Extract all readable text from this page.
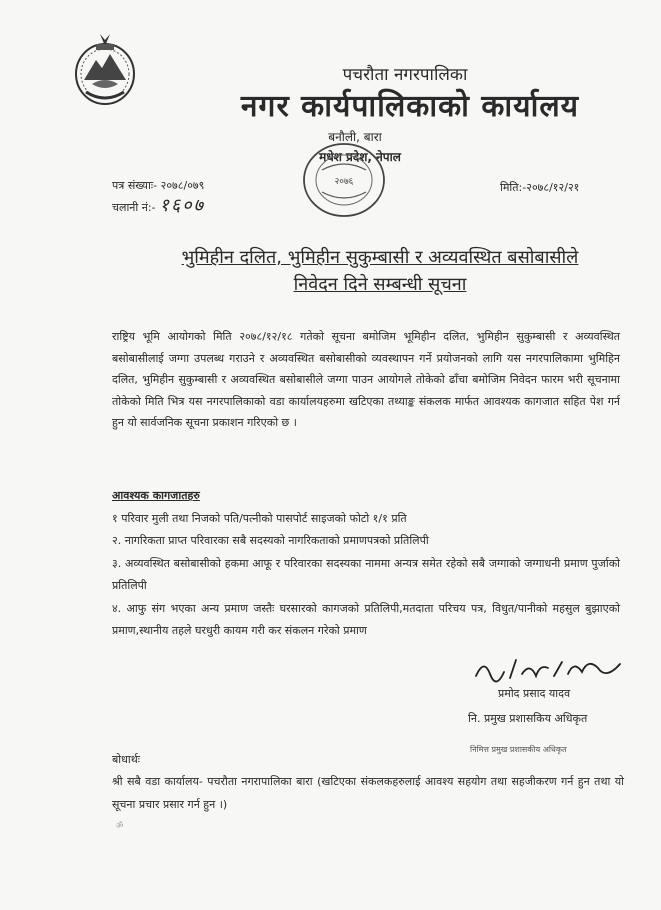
पचरौता नगरपालिका
नगर कार्यपालिकाको कार्यालय
बनौली, बारा
मधेश प्रदेश, नेपाल
२०७६
पत्र संख्याः- २०७८/०७९
चलानी नं:- १६०७
मिति:-२०७८/१२/२१
भुमिहीन दलित, भुमिहीन सुकुम्बासी र अव्यवस्थित बसोबासीले
निवेदन दिने सम्बन्धी सूचना
राष्ट्रिय भूमि आयोगको मिति २०७८/१२/१८ गतेको सूचना बमोजिम भूमिहीन दलित, भुमिहीन सुकुम्बासी र अव्यवस्थित बसोबासीलाई जग्गा उपलब्ध गराउने र अव्यवस्थित बसोबासीको व्यवस्थापन गर्ने प्रयोजनको लागि यस नगरपालिकामा भुमिहिन दलित, भुमिहीन सुकुम्बासी र अव्यवस्थित बसोबासीले जग्गा पाउन आयोगले तोकेको ढाँचा बमोजिम निवेदन फारम भरी सूचनामा तोकेको मिति भित्र यस नगरपालिकाको वडा कार्यालयहरुमा खटिएका तथ्याङ्क संकलक मार्फत आवश्यक कागजात सहित पेश गर्न हुन यो सार्वजनिक सूचना प्रकाशन गरिएको छ ।
आवश्यक कागजातहरु
१ परिवार मुली तथा निजको पति/पत्नीको पासपोर्ट साइजको फोटो १/१ प्रति
२. नागरिकता प्राप्त परिवारका सबै सदस्यको नागरिकताको प्रमाणपत्रको प्रतिलिपी
३. अव्यवस्थित बसोबासीको हकमा आफू र परिवारका सदस्यका नाममा अन्यत्र समेत रहेको सबै जग्गाको जग्गाधनी प्रमाण पुर्जाको प्रतिलिपी
४. आफु संग भएका अन्य प्रमाण जस्तैः घरसारको कागजको प्रतिलिपी,मतदाता परिचय पत्र, विधुत/पानीको महसुल बुझाएको प्रमाण,स्थानीय तहले घरधुरी कायम गरी कर संकलन गरेको प्रमाण
प्रमोद प्रसाद यादव
नि. प्रमुख प्रशासकिय अधिकृत
निमित्त प्रमुख प्रशासकीय अधिकृत
बोधार्थः
श्री सबै वडा कार्यालय- पचरौता नगरापालिका बारा (खटिएका संकलकहरुलाई आवश्य सहयोग तथा सहजीकरण गर्न हुन तथा यो सूचना प्रचार प्रसार गर्न हुन ।)
ॐ
